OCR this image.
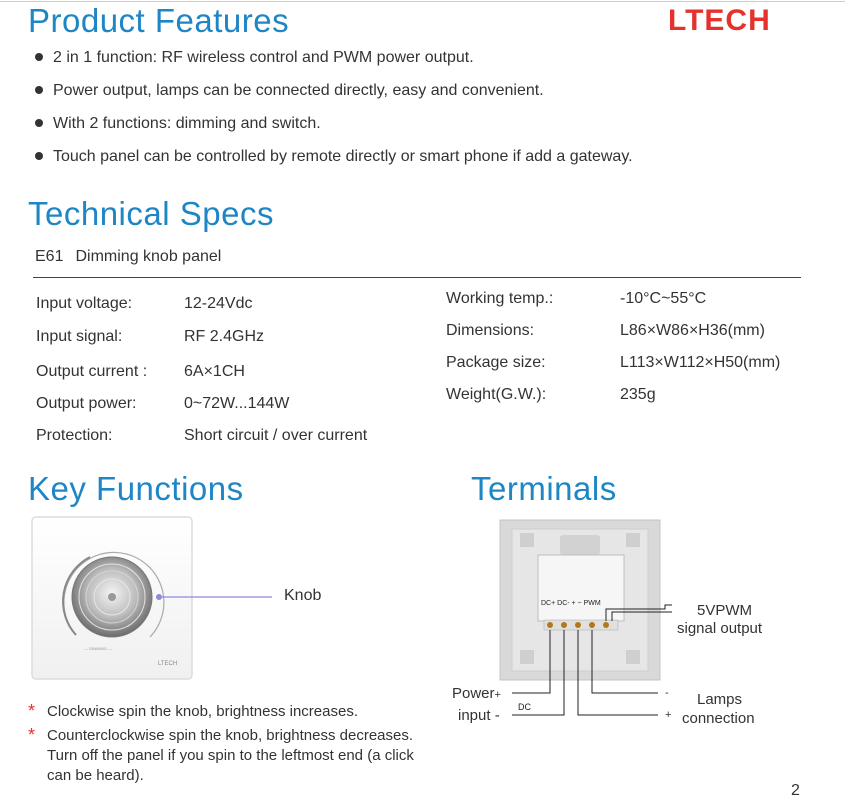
Product Features	LTECH
2 in 1 function: RF wireless control and PWM power output.
Power output, lamps can be connected directly, easy and convenient.
With 2 functions: dimming and switch.
Touch panel can be controlled by remote directly or smart phone if add a gateway.
Technical Specs
E61 Dimming knob panel
Input voltage:	12-24Vdc
Input signal:	RF 2.4GHz
Output current : 6A×1CH
Output power:	0~72W...144W
Protection:	Short circuit / over current
Working temp.:	-10°C~55°C
Dimensions:	L86×W86×H36(mm)
Package size:	L113×W112×H50(mm)
Weight(G.W.):	235g
Key Functions
— DIMMING —
LTECH
Knob
* Clockwise spin the knob, brightness increases.
* Counterclockwise spin the knob, brightness decreases. Turn off the panel if you spin to the leftmost end (a click can be heard).
Terminals
DC+ DC- + − PWM
DC
5VPWM
signal output
Power+
input -
-
+
Lamps
connection
2
